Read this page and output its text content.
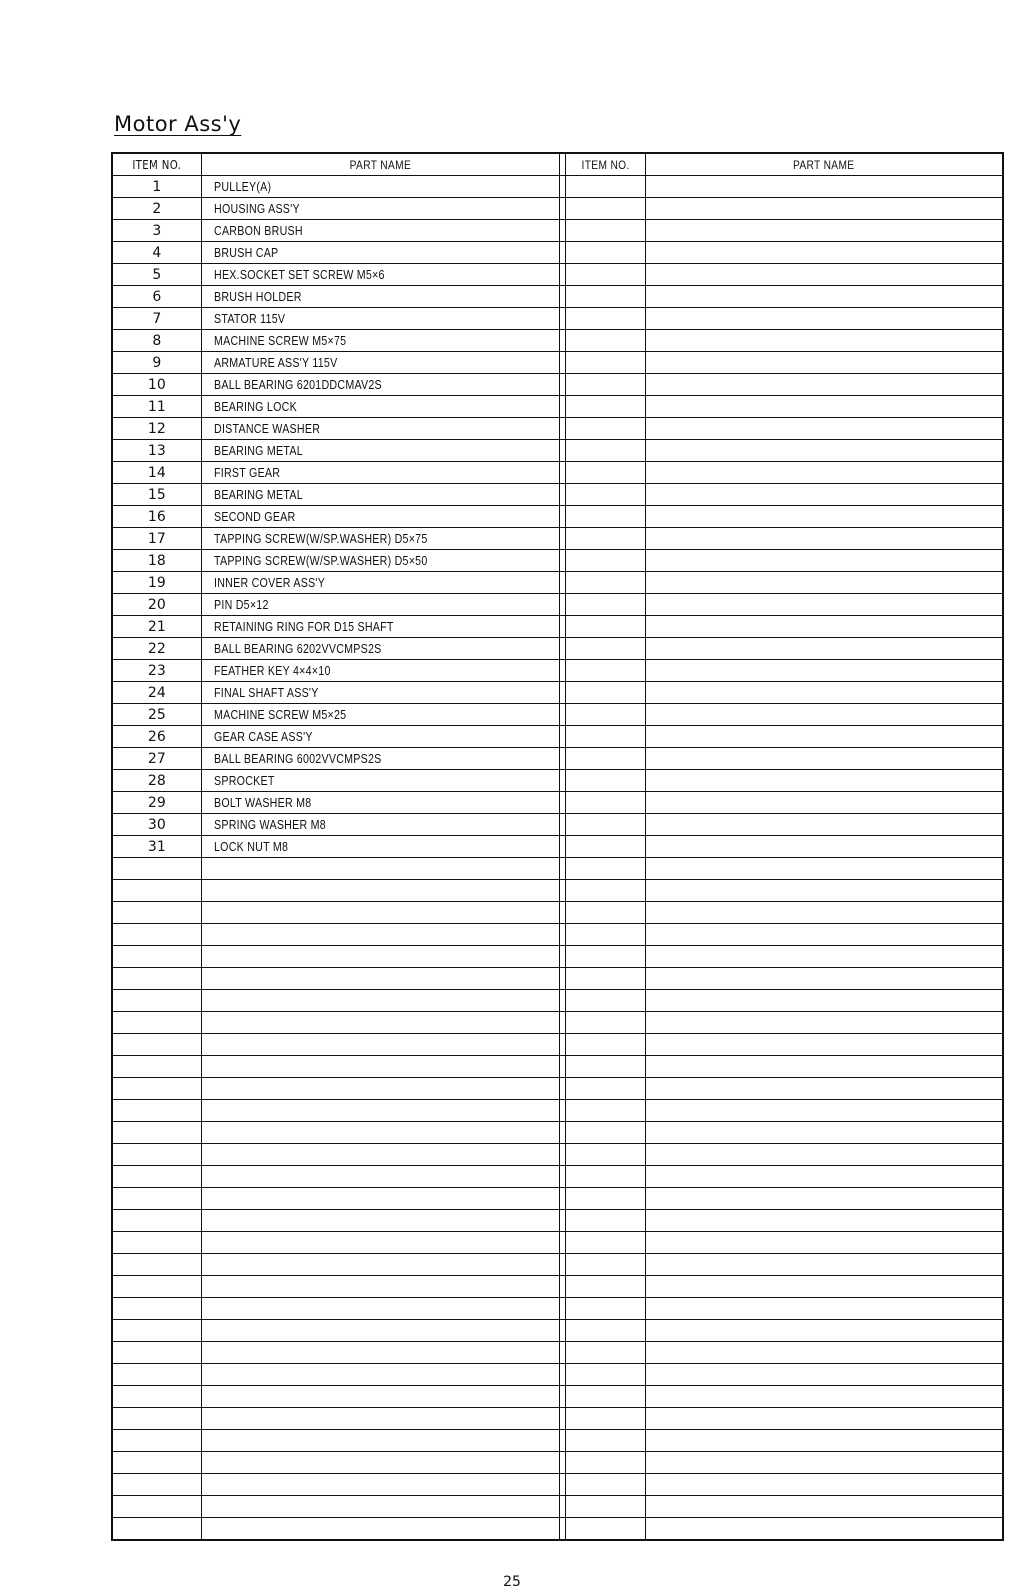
Motor Ass'y
ITEM NO.	PART NAME		ITEM NO.	PART NAME
1	PULLEY(A)			
2	HOUSING ASS'Y			
3	CARBON BRUSH			
4	BRUSH CAP			
5	HEX.SOCKET SET SCREW M5×6			
6	BRUSH HOLDER			
7	STATOR 115V			
8	MACHINE SCREW M5×75			
9	ARMATURE ASS'Y 115V			
10	BALL BEARING 6201DDCMAV2S			
11	BEARING LOCK			
12	DISTANCE WASHER			
13	BEARING METAL			
14	FIRST GEAR			
15	BEARING METAL			
16	SECOND GEAR			
17	TAPPING SCREW(W/SP.WASHER) D5×75			
18	TAPPING SCREW(W/SP.WASHER) D5×50			
19	INNER COVER ASS'Y			
20	PIN D5×12			
21	RETAINING RING FOR D15 SHAFT			
22	BALL BEARING 6202VVCMPS2S			
23	FEATHER KEY 4×4×10			
24	FINAL SHAFT ASS'Y			
25	MACHINE SCREW M5×25			
26	GEAR CASE ASS'Y			
27	BALL BEARING 6002VVCMPS2S			
28	SPROCKET			
29	BOLT WASHER M8			
30	SPRING WASHER M8			
31	LOCK NUT M8			

25
